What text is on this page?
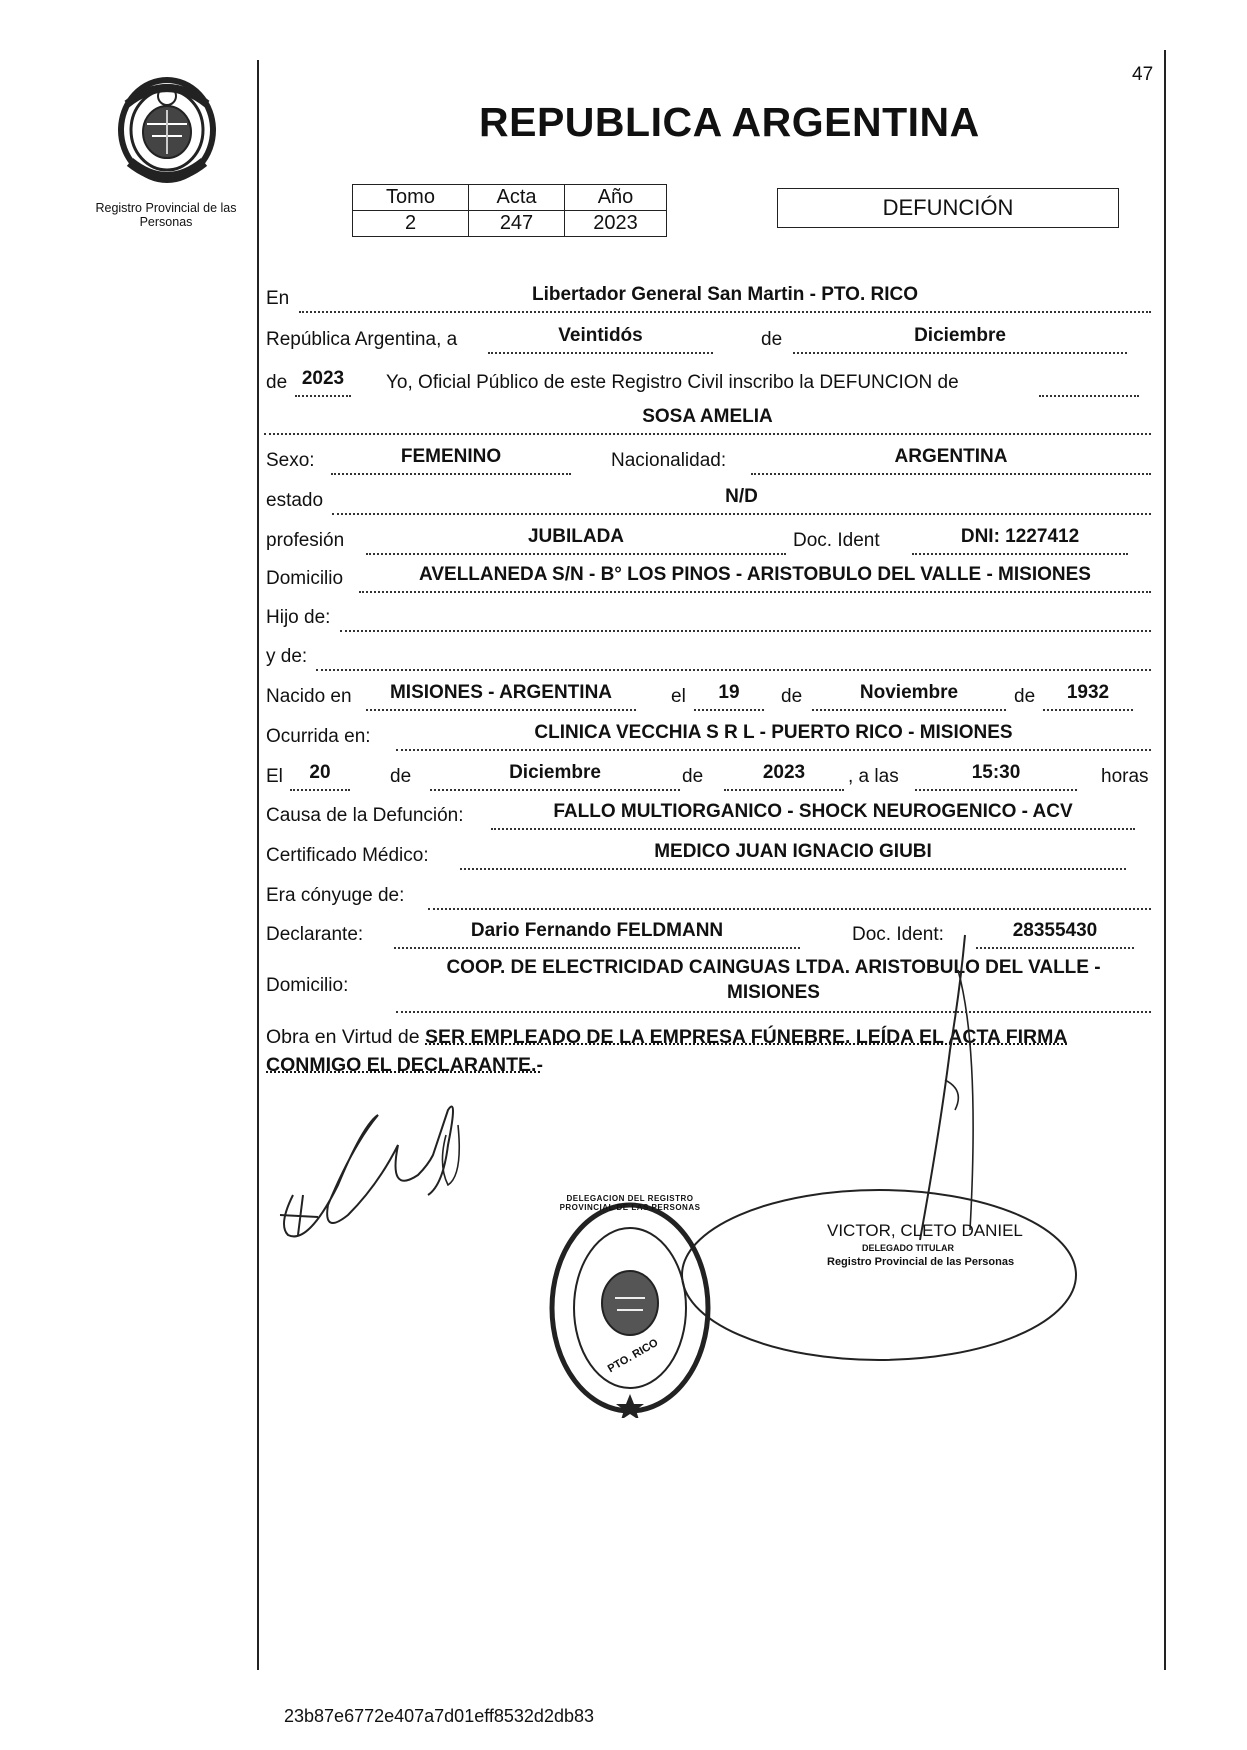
47
Registro Provincial de las Personas
REPUBLICA ARGENTINA
Tomo	Acta	Año
2	247	2023
DEFUNCIÓN
En	Libertador General San Martin - PTO. RICO
República Argentina, a	Veintidós	de	Diciembre
de 2023	Yo, Oficial Público de este Registro Civil inscribo la DEFUNCION de
SOSA AMELIA
Sexo:	FEMENINO	Nacionalidad:	ARGENTINA
estado	N/D
profesión	JUBILADA	Doc. Ident	DNI: 1227412
Domicilio	AVELLANEDA S/N - B° LOS PINOS - ARISTOBULO DEL VALLE - MISIONES
Hijo de:
y de:
Nacido en	MISIONES - ARGENTINA	el	19	de	Noviembre	de	1932
Ocurrida en:	CLINICA VECCHIA S R L - PUERTO RICO - MISIONES
El	20	de	Diciembre	de	2023	, a las	15:30	horas
Causa de la Defunción:	FALLO MULTIORGANICO - SHOCK NEUROGENICO - ACV
Certificado Médico:	MEDICO JUAN IGNACIO GIUBI
Era cónyuge de:
Declarante:	Dario Fernando FELDMANN	Doc. Ident:	28355430
Domicilio:
COOP. DE ELECTRICIDAD CAINGUAS LTDA. ARISTOBULO DEL VALLE -
MISIONES
Obra en Virtud de SER EMPLEADO DE LA EMPRESA FÚNEBRE. LEÍDA EL ACTA FIRMA CONMIGO EL DECLARANTE.-
DELEGACION DEL REGISTRO PROVINCIAL DE LAS PERSONAS
PTO. RICO
VICTOR, CLETO DANIEL
DELEGADO TITULAR
Registro Provincial de las Personas
23b87e6772e407a7d01eff8532d2db83
